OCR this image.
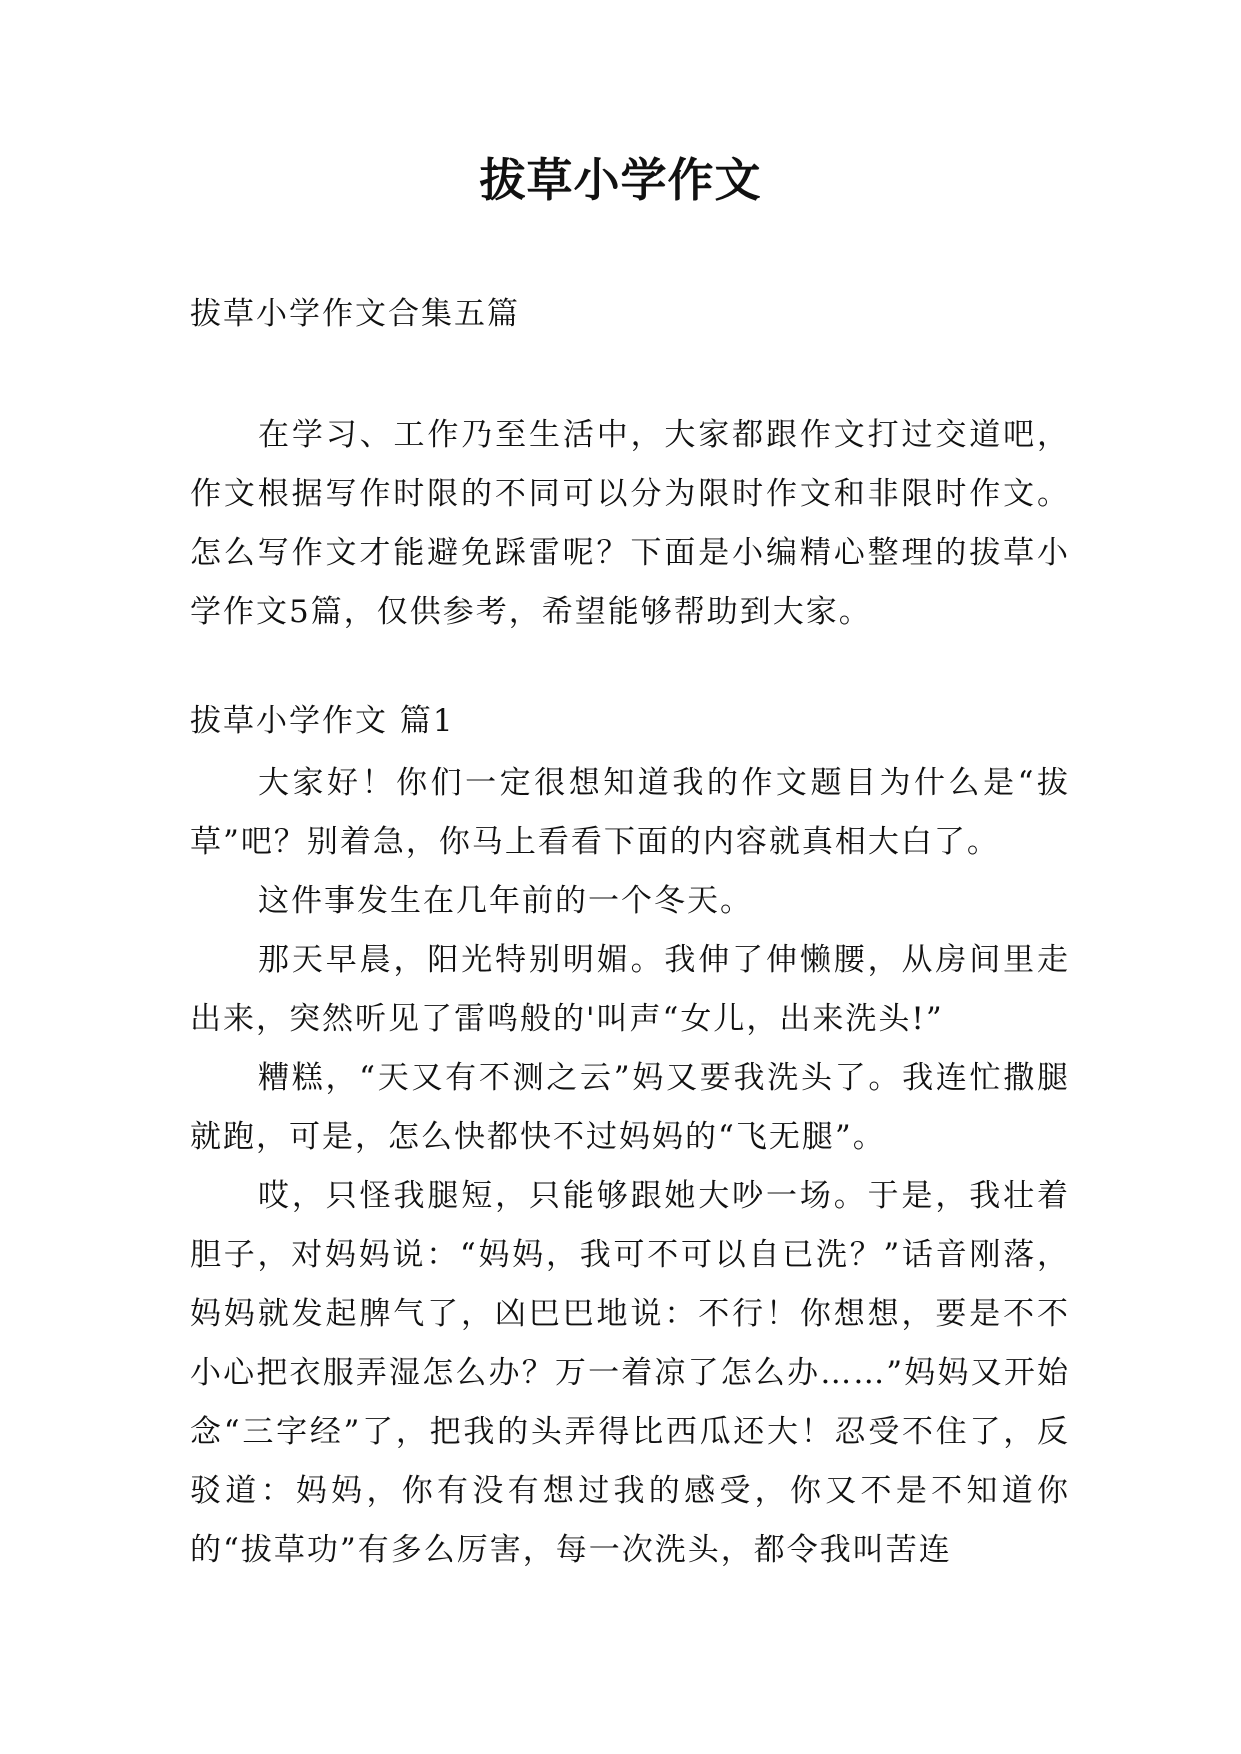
拔草小学作文
拔草小学作文合集五篇

在学习、工作乃至生活中，大家都跟作文打过交道吧，作文根据写作时限的不同可以分为限时作文和非限时作文。怎么写作文才能避免踩雷呢？下面是小编精心整理的拔草小学作文5篇，仅供参考，希望能够帮助到大家。

拔草小学作文 篇1

大家好！你们一定很想知道我的作文题目为什么是“拔草”吧？别着急，你马上看看下面的内容就真相大白了。

这件事发生在几年前的一个冬天。

那天早晨，阳光特别明媚。我伸了伸懒腰，从房间里走出来，突然听见了雷鸣般的'叫声“女儿，出来洗头!”

糟糕，“天又有不测之云”妈又要我洗头了。我连忙撒腿就跑，可是，怎么快都快不过妈妈的“飞无腿”。

哎，只怪我腿短，只能够跟她大吵一场。于是，我壮着胆子，对妈妈说：“妈妈，我可不可以自已洗？”话音刚落，妈妈就发起脾气了，凶巴巴地说：不行！你想想，要是不不小心把衣服弄湿怎么办？万一着凉了怎么办……”妈妈又开始念“三字经”了，把我的头弄得比西瓜还大！忍受不住了，反驳道：妈妈，你有没有想过我的感受，你又不是不知道你的“拔草功”有多么厉害，每一次洗头，都令我叫苦连
